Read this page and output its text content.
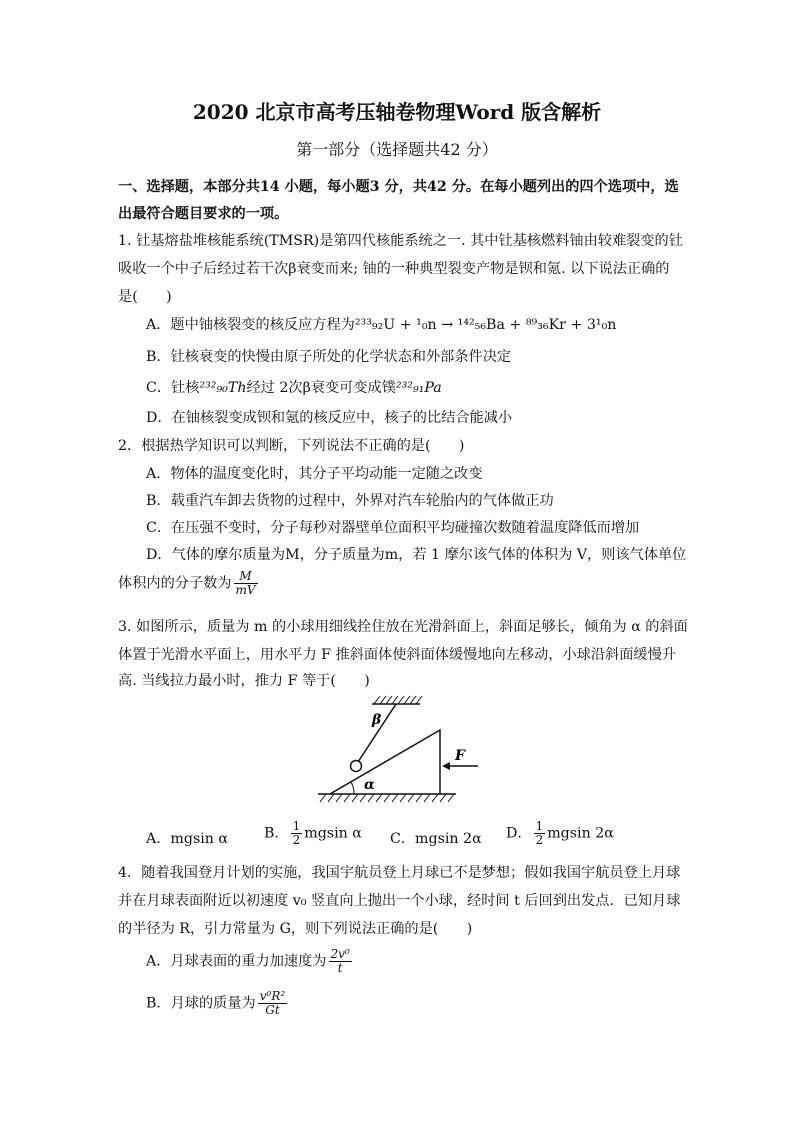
2020 北京市高考压轴卷物理Word 版含解析
第一部分（选择题共42 分）
一、选择题，本部分共14 小题，每小题3 分，共42 分。在每小题列出的四个选项中，选
出最符合题目要求的一项。
1. 钍基熔盐堆核能系统(TMSR)是第四代核能系统之一. 其中钍基核燃料铀由较难裂变的钍
吸收一个中子后经过若干次β衰变而来; 铀的一种典型裂变产物是钡和氪. 以下说法正确的
是(　　)
A．题中铀核裂变的核反应方程为²³³₉₂U + ¹₀n → ¹⁴²₅₆Ba + ⁸⁹₃₆Kr + 3¹₀n
B．钍核衰变的快慢由原子所处的化学状态和外部条件决定
C．钍核²³²₉₀Th经过 2次β衰变可变成镤²³²₉₁Pa
D．在铀核裂变成钡和氪的核反应中，核子的比结合能减小
2．根据热学知识可以判断，下列说法不正确的是(　　)
A．物体的温度变化时，其分子平均动能一定随之改变
B．载重汽车卸去货物的过程中，外界对汽车轮胎内的气体做正功
C．在压强不变时，分子每秒对器壁单位面积平均碰撞次数随着温度降低而增加
D．气体的摩尔质量为M，分子质量为m，若 1 摩尔该气体的体积为 V，则该气体单位
体积内的分子数为 $\frac{M}{mV}$
3. 如图所示，质量为 m 的小球用细线拴住放在光滑斜面上，斜面足够长，倾角为 α 的斜面
体置于光滑水平面上，用水平力 F 推斜面体使斜面体缓慢地向左移动，小球沿斜面缓慢升
高. 当线拉力最小时，推力 F 等于(　　)
β
α
F
A．mgsin α	B． $\frac{1}{2}$ mgsin α C．mgsin 2α D． $\frac{1}{2}$ mgsin 2α
4．随着我国登月计划的实施，我国宇航员登上月球已不是梦想；假如我国宇航员登上月球
并在月球表面附近以初速度 v₀ 竖直向上抛出一个小球，经时间 t 后回到出发点．已知月球
的半径为 R，引力常量为 G，则下列说法正确的是(　　)
A．月球表面的重力加速度为 $\frac{\text{2v⁰}}{t}$
B．月球的质量为 $\frac{\text{v⁰R²}}{Gt}$
